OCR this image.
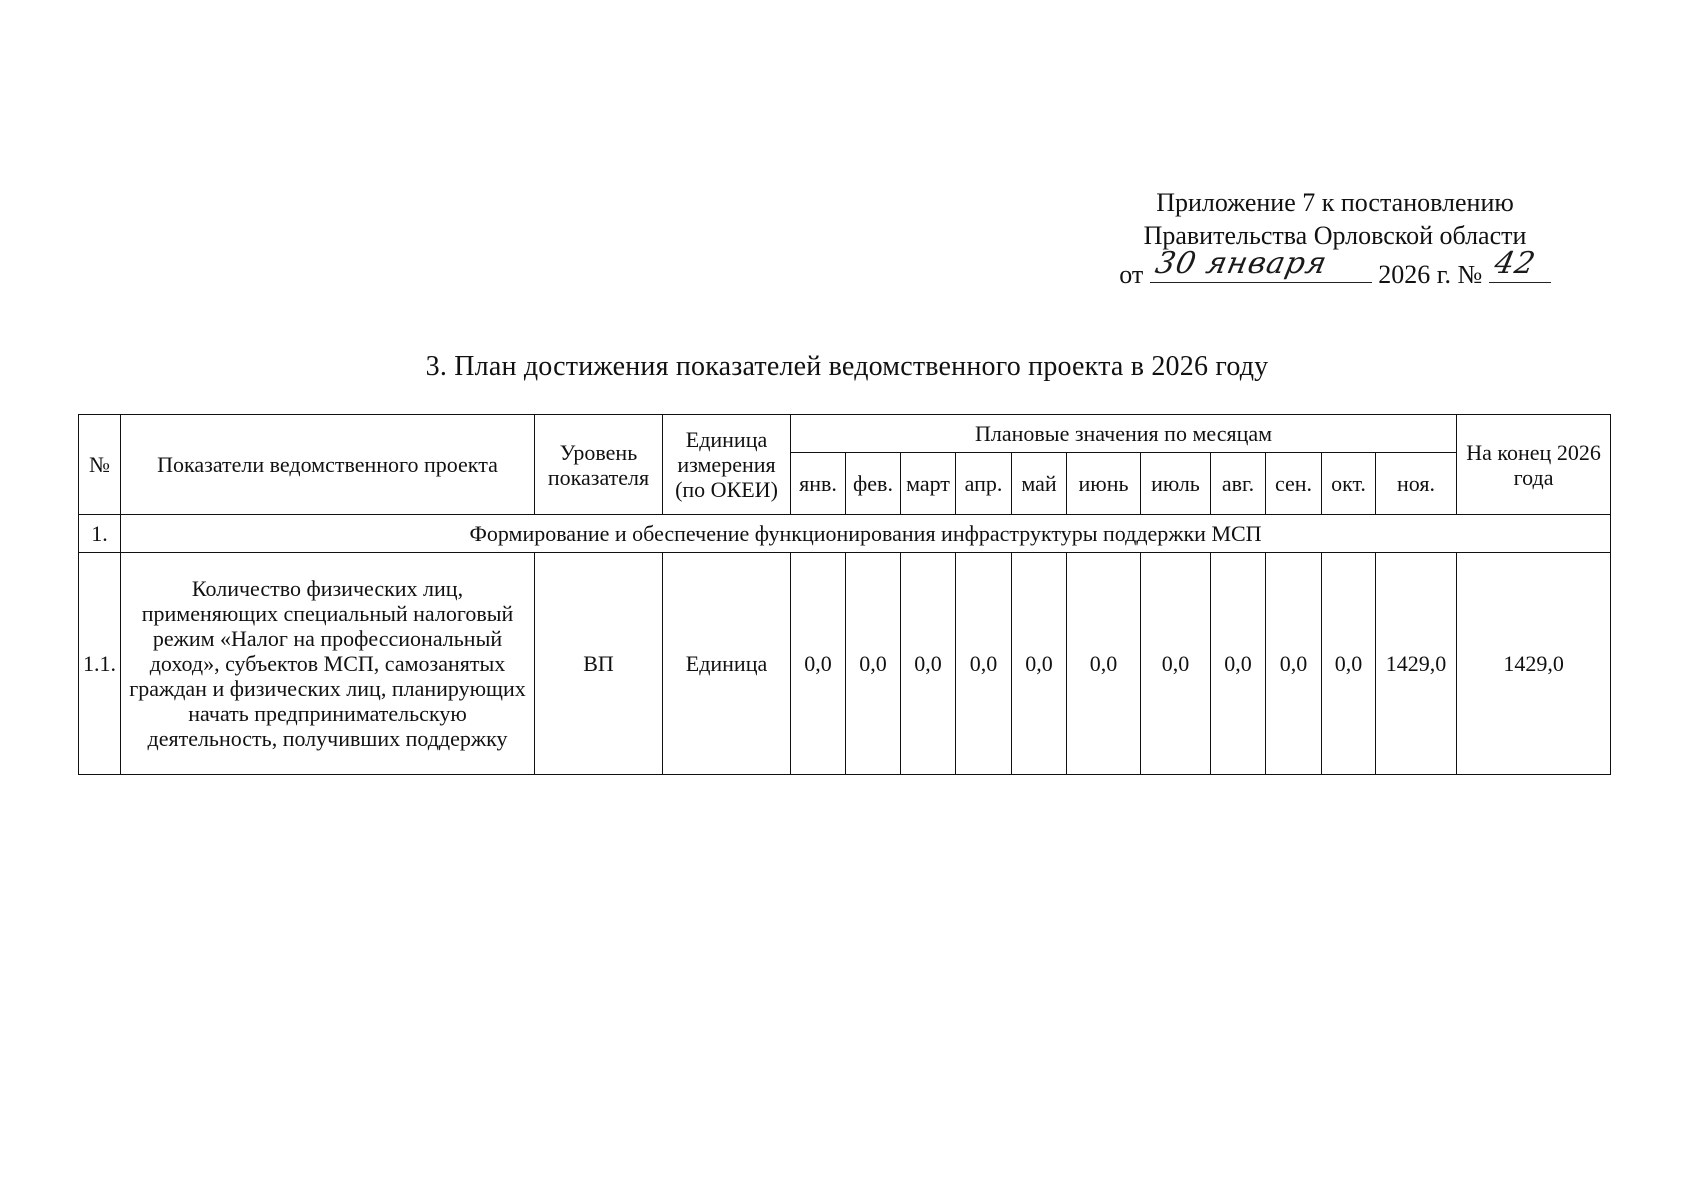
Приложение 7 к постановлению
Правительства Орловской области
от 30 января 2026 г. № 42
3. План достижения показателей ведомственного проекта в 2026 году
№	Показатели ведомственного проекта	Уровень показателя	Единица измерения (по ОКЕИ)	Плановые значения по месяцам											На конец 2026 года
				янв.	фев.	март	апр.	май	июнь	июль	авг.	сен.	окт.	ноя.	
1.	Формирование и обеспечение функционирования инфраструктуры поддержки МСП														
1.1.	Количество физических лиц, применяющих специальный налоговый режим «Налог на профессиональный доход», субъектов МСП, самозанятых граждан и физических лиц, планирующих начать предпринимательскую деятельность, получивших поддержку	ВП	Единица	0,0	0,0	0,0	0,0	0,0	0,0	0,0	0,0	0,0	0,0	1429,0	1429,0
